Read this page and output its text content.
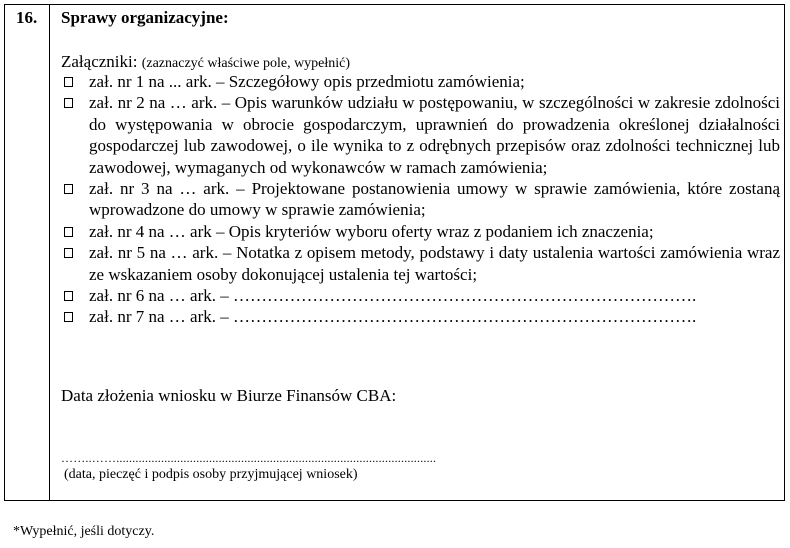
16. Sprawy organizacyjne:
Załączniki: (zaznaczyć właściwe pole, wypełnić)
zał. nr 1 na ... ark. – Szczegółowy opis przedmiotu zamówienia;
zał. nr 2 na … ark. – Opis warunków udziału w postępowaniu, w szczególności w zakresie zdolności do występowania w obrocie gospodarczym, uprawnień do prowadzenia określonej działalności gospodarczej lub zawodowej, o ile wynika to z odrębnych przepisów oraz zdolności technicznej lub zawodowej, wymaganych od wykonawców w ramach zamówienia;
zał. nr 3 na … ark. – Projektowane postanowienia umowy w sprawie zamówienia, które zostaną wprowadzone do umowy w sprawie zamówienia;
zał. nr 4 na … ark – Opis kryteriów wyboru oferty wraz z podaniem ich znaczenia;
zał. nr 5 na … ark. – Notatka z opisem metody, podstawy i daty ustalenia wartości zamówienia wraz ze wskazaniem osoby dokonującej ustalenia tej wartości;
zał. nr 6 na … ark. – ……………………………………………………………………….
zał. nr 7 na … ark. – ……………………………………………………………………….
Data złożenia wniosku w Biurze Finansów CBA:
……..……....................................................................................................
(data, pieczęć i podpis osoby przyjmującej wniosek)
*Wypełnić, jeśli dotyczy.
